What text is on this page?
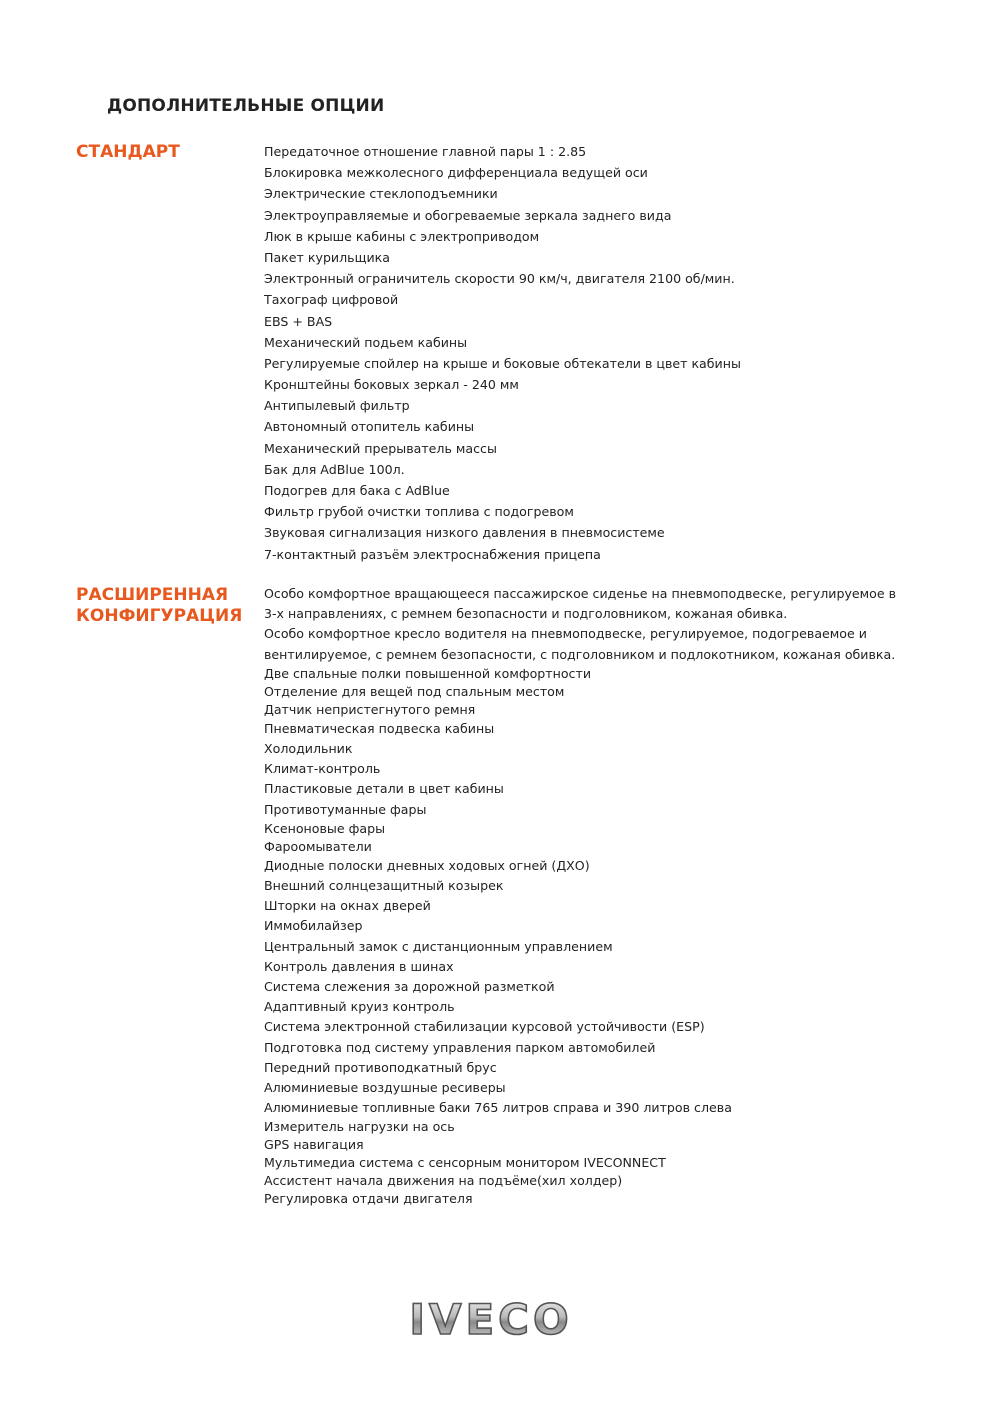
ДОПОЛНИТЕЛЬНЫЕ ОПЦИИ
СТАНДАРТ	Передаточное отношение главной пары 1 : 2.85
Блокировка межколесного дифференциала ведущей оси
Электрические стеклоподъемники
Электроуправляемые и обогреваемые зеркала заднего вида
Люк в крыше кабины с электроприводом
Пакет курильщика
Электронный ограничитель скорости 90 км/ч, двигателя 2100 об/мин.
Тахограф цифровой
EBS + BAS
Механический подьем кабины
Регулируемые спойлер на крыше и боковые обтекатели в цвет кабины
Кронштейны боковых зеркал - 240 мм
Антипылевый фильтр
Автономный отопитель кабины
Механический прерыватель массы
Бак для AdBlue 100л.
Подогрев для бака с AdBlue
Фильтр грубой очистки топлива с подогревом
Звуковая сигнализация низкого давления в пневмосистеме
7-контактный разъём электроснабжения прицепа
РАСШИРЕННАЯ
КОНФИГУРАЦИЯ
Особо комфортное вращающееся пассажирское сиденье на пневмоподвеске, регулируемое в 3-х направлениях, с ремнем безопасности и подголовником, кожаная обивка.
Особо комфортное кресло водителя на пневмоподвеске, регулируемое, подогреваемое и вентилируемое, с ремнем безопасности, с подголовником и подлокотником, кожаная обивка.
Две спальные полки повышенной комфортности
Отделение для вещей под спальным местом
Датчик непристегнутого ремня
Пневматическая подвеска кабины
Холодильник
Климат-контроль
Пластиковые детали в цвет кабины
Противотуманные фары
Ксеноновые фары
Фароомыватели
Диодные полоски дневных ходовых огней (ДХО)
Внешний солнцезащитный козырек
Шторки на окнах дверей
Иммобилайзер
Центральный замок с дистанционным управлением
Контроль давления в шинах
Система слежения за дорожной разметкой
Адаптивный круиз контроль
Система электронной стабилизации курсовой устойчивости (ESP)
Подготовка под систему управления парком автомобилей
Передний противоподкатный брус
Алюминиевые воздушные ресиверы
Алюминиевые топливные баки 765 литров справа и 390 литров слева
Измеритель нагрузки на ось
GPS навигация
Мультимедиа система с сенсорным монитором IVECONNECT
Ассистент начала движения на подъёме(хил холдер)
Регулировка отдачи двигателя
IVECO
